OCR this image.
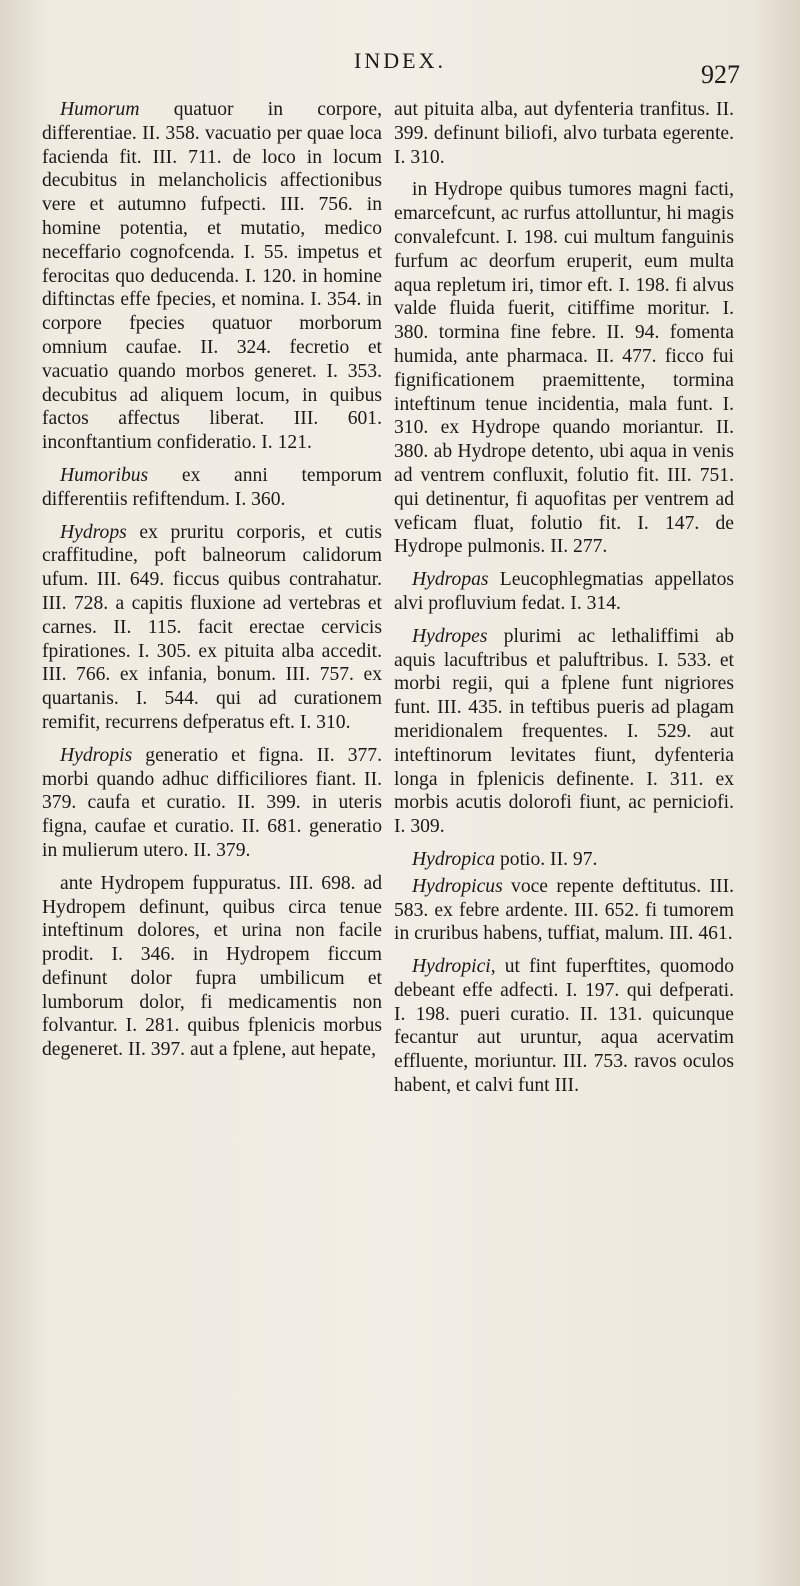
INDEX.	927

Humorum quatuor in corpore, differentiae. II. 358. vacuatio per quae loca facienda fit. III. 711. de loco in locum decubitus in melancholicis affectionibus vere et autumno fufpecti. III. 756. in homine potentia, et mutatio, medico neceffario cognofcenda. I. 55. impetus et ferocitas quo deducenda. I. 120. in homine diftinctas effe fpecies, et nomina. I. 354. in corpore fpecies quatuor morborum omnium caufae. II. 324. fecretio et vacuatio quando morbos generet. I. 353. decubitus ad aliquem locum, in quibus factos affectus liberat. III. 601. inconftantium confideratio. I. 121.

Humoribus ex anni temporum differentiis refiftendum. I. 360.

Hydrops ex pruritu corporis, et cutis craffitudine, poft balneorum calidorum ufum. III. 649. ficcus quibus contrahatur. III. 728. a capitis fluxione ad vertebras et carnes. II. 115. facit erectae cervicis fpirationes. I. 305. ex pituita alba accedit. III. 766. ex infania, bonum. III. 757. ex quartanis. I. 544. qui ad curationem remifit, recurrens defperatus eft. I. 310.

Hydropis generatio et figna. II. 377. morbi quando adhuc difficiliores fiant. II. 379. caufa et curatio. II. 399. in uteris figna, caufae et curatio. II. 681. generatio in mulierum utero. II. 379.

ante Hydropem fuppuratus. III. 698. ad Hydropem definunt, quibus circa tenue inteftinum dolores, et urina non facile prodit. I. 346. in Hydropem ficcum definunt dolor fupra umbilicum et lumborum dolor, fi medicamentis non folvantur. I. 281. quibus fplenicis morbus degeneret. II. 397. aut a fplene, aut hepate,

aut pituita alba, aut dyfenteria tranfitus. II. 399. definunt biliofi, alvo turbata egerente. I. 310.

in Hydrope quibus tumores magni facti, emarcefcunt, ac rurfus attolluntur, hi magis convalefcunt. I. 198. cui multum fanguinis furfum ac deorfum eruperit, eum multa aqua repletum iri, timor eft. I. 198. fi alvus valde fluida fuerit, citiffime moritur. I. 380. tormina fine febre. II. 94. fomenta humida, ante pharmaca. II. 477. ficco fui fignificationem praemittente, tormina inteftinum tenue incidentia, mala funt. I. 310. ex Hydrope quando moriantur. II. 380. ab Hydrope detento, ubi aqua in venis ad ventrem confluxit, folutio fit. III. 751. qui detinentur, fi aquofitas per ventrem ad veficam fluat, folutio fit. I. 147. de Hydrope pulmonis. II. 277.

Hydropas Leucophlegmatias appellatos alvi profluvium fedat. I. 314.

Hydropes plurimi ac lethaliffimi ab aquis lacuftribus et paluftribus. I. 533. et morbi regii, qui a fplene funt nigriores funt. III. 435. in teftibus pueris ad plagam meridionalem frequentes. I. 529. aut inteftinorum levitates fiunt, dyfenteria longa in fplenicis definente. I. 311. ex morbis acutis dolorofi fiunt, ac perniciofi. I. 309.

Hydropica potio. II. 97.

Hydropicus voce repente deftitutus. III. 583. ex febre ardente. III. 652. fi tumorem in cruribus habens, tuffiat, malum. III. 461.

Hydropici, ut fint fuperftites, quomodo debeant effe adfecti. I. 197. qui defperati. I. 198. pueri curatio. II. 131. quicunque fecantur aut uruntur, aqua acervatim effluente, moriuntur. III. 753. ravos oculos habent, et calvi funt III.
